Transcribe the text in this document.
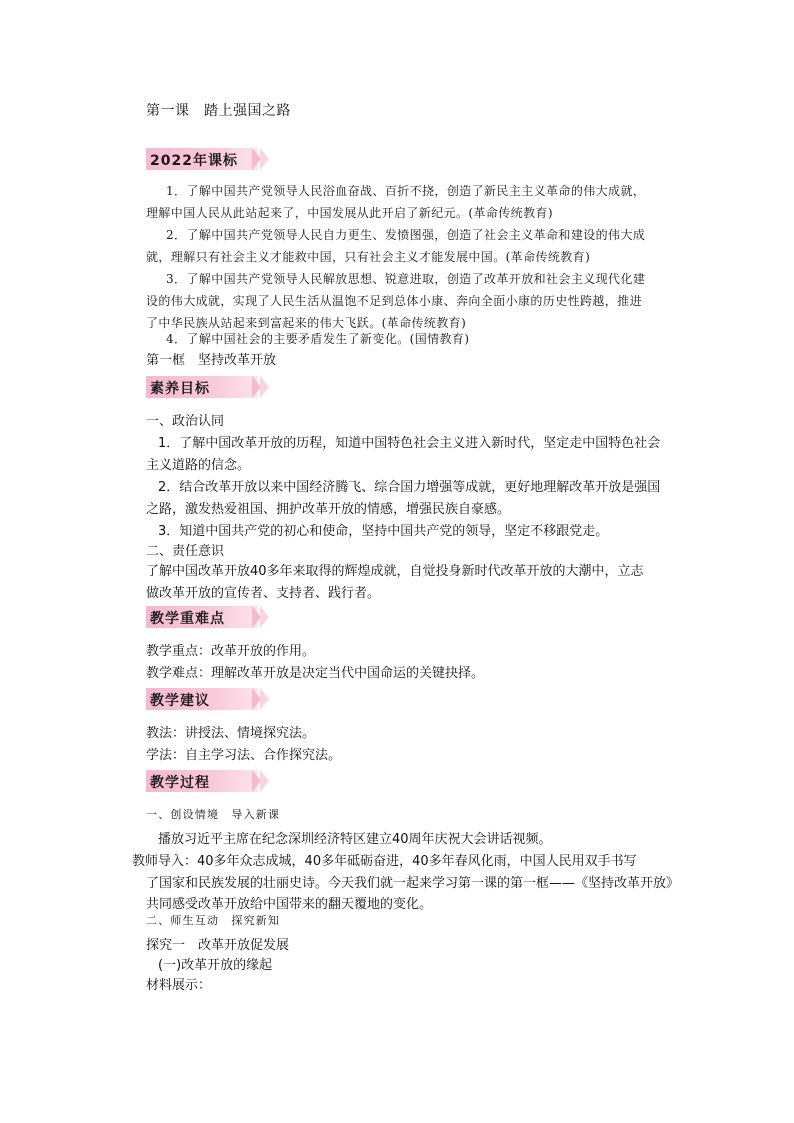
第一课　踏上强国之路
2022年课标
1．了解中国共产党领导人民浴血奋战、百折不挠，创造了新民主主义革命的伟大成就，
理解中国人民从此站起来了，中国发展从此开启了新纪元。(革命传统教育)
2．了解中国共产党领导人民自力更生、发愤图强，创造了社会主义革命和建设的伟大成
就，理解只有社会主义才能救中国，只有社会主义才能发展中国。(革命传统教育)
3．了解中国共产党领导人民解放思想、锐意进取，创造了改革开放和社会主义现代化建
设的伟大成就，实现了人民生活从温饱不足到总体小康、奔向全面小康的历史性跨越，推进
了中华民族从站起来到富起来的伟大飞跃。(革命传统教育)
4．了解中国社会的主要矛盾发生了新变化。(国情教育)
第一框　坚持改革开放
素养目标
一、政治认同
1．了解中国改革开放的历程，知道中国特色社会主义进入新时代，坚定走中国特色社会
主义道路的信念。
2．结合改革开放以来中国经济腾飞、综合国力增强等成就，更好地理解改革开放是强国
之路，激发热爱祖国、拥护改革开放的情感，增强民族自豪感。
3．知道中国共产党的初心和使命，坚持中国共产党的领导，坚定不移跟党走。
二、责任意识
了解中国改革开放40多年来取得的辉煌成就，自觉投身新时代改革开放的大潮中，立志
做改革开放的宣传者、支持者、践行者。
教学重难点
教学重点：改革开放的作用。
教学难点：理解改革开放是决定当代中国命运的关键抉择。
教学建议
教法：讲授法、情境探究法。
学法：自主学习法、合作探究法。
教学过程
一、创设情境　导入新课
播放习近平主席在纪念深圳经济特区建立40周年庆祝大会讲话视频。
教师导入：40多年众志成城，40多年砥砺奋进，40多年春风化雨，中国人民用双手书写
了国家和民族发展的壮丽史诗。今天我们就一起来学习第一课的第一框——《坚持改革开放》
共同感受改革开放给中国带来的翻天覆地的变化。
二、师生互动　探究新知
探究一　改革开放促发展
(一)改革开放的缘起
材料展示：
